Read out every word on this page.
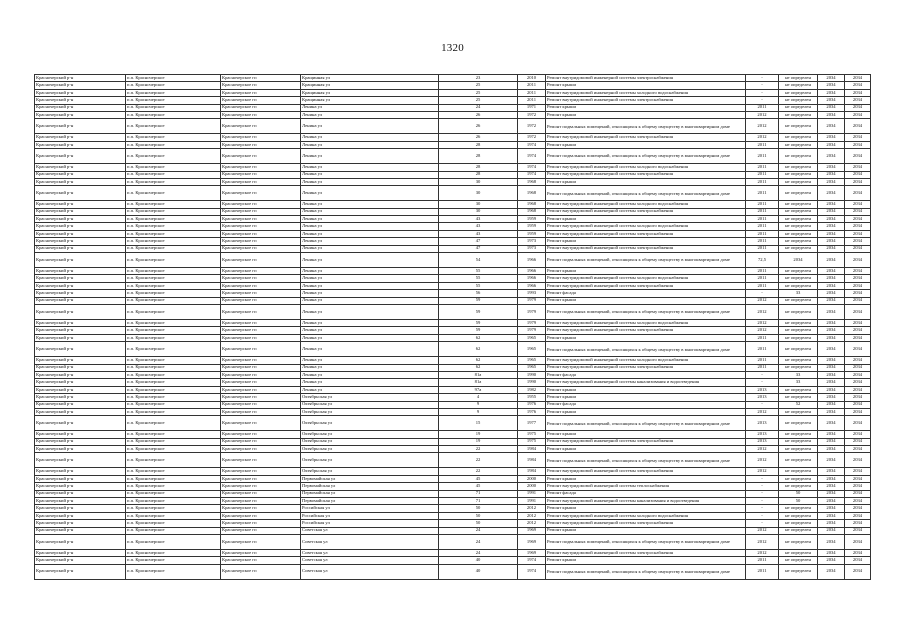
1320
Красночерский р-н	п.п. Красночерское	Красночерское гп	Кращинная ул	23	2010	Ремонт внутридомовой инженерной системы электроснабжения	-	не определен	2034	2034
Красночерский р-н	п.п. Красночерское	Красночерское гп	Кращинная ул	25	2011	Ремонт крыши	-	не определен	2034	2034
Красночерский р-н	п.п. Красночерское	Красночерское гп	Кращинная ул	25	2011	Ремонт внутридомовой инженерной системы холодного водоснабжения	-	не определен	2034	2034
Красночерский р-н	п.п. Красночерское	Красночерское гп	Кращинная ул	25	2011	Ремонт внутридомовой инженерной системы электроснабжения	-	не определен	2034	2034
Красночерский р-н	п.п. Красночерское	Красночерское гп	Ленина ул	24	1971	Ремонт крыши	2011	не определен	2034	2034
Красночерский р-н	п.п. Красночерское	Красночерское гп	Ленина ул	26	1972	Ремонт крыши	2012	не определен	2034	2034
Красночерский р-н	п.п. Красночерское	Красночерское гп	Ленина ул	26	1972	Ремонт подвальных помещений, относящихся к общему имуществу в многоквартирном доме	2012	не определен	2034	2034
Красночерский р-н	п.п. Красночерское	Красночерское гп	Ленина ул	26	1972	Ремонт внутридомовой инженерной системы электроснабжения	2012	не определен	2034	2034
Красночерский р-н	п.п. Красночерское	Красночерское гп	Ленина ул	28	1974	Ремонт крыши	2011	не определен	2034	2034
Красночерский р-н	п.п. Красночерское	Красночерское гп	Ленина ул	28	1974	Ремонт подвальных помещений, относящихся к общему имуществу в многоквартирном доме	2011	не определен	2034	2034
Красночерский р-н	п.п. Красночерское	Красночерское гп	Ленина ул	28	1974	Ремонт внутридомовой инженерной системы холодного водоснабжения	2011	не определен	2034	2034
Красночерский р-н	п.п. Красночерское	Красночерское гп	Ленина ул	28	1974	Ремонт внутридомовой инженерной системы электроснабжения	2011	не определен	2034	2034
Красночерский р-н	п.п. Красночерское	Красночерское гп	Ленина ул	30	1968	Ремонт крыши	2011	не определен	2034	2034
Красночерский р-н	п.п. Красночерское	Красночерское гп	Ленина ул	30	1968	Ремонт подвальных помещений, относящихся к общему имуществу в многоквартирном доме	2011	не определен	2034	2034
Красночерский р-н	п.п. Красночерское	Красночерское гп	Ленина ул	30	1968	Ремонт внутридомовой инженерной системы холодного водоснабжения	2011	не определен	2034	2034
Красночерский р-н	п.п. Красночерское	Красночерское гп	Ленина ул	30	1968	Ремонт внутридомовой инженерной системы электроснабжения	2011	не определен	2034	2034
Красночерский р-н	п.п. Красночерское	Красночерское гп	Ленина ул	43	1959	Ремонт крыши	2011	не определен	2034	2034
Красночерский р-н	п.п. Красночерское	Красночерское гп	Ленина ул	43	1959	Ремонт внутридомовой инженерной системы холодного водоснабжения	2011	не определен	2034	2034
Красночерский р-н	п.п. Красночерское	Красночерское гп	Ленина ул	43	1959	Ремонт внутридомовой инженерной системы электроснабжения	2011	не определен	2034	2034
Красночерский р-н	п.п. Красночерское	Красночерское гп	Ленина ул	47	1973	Ремонт крыши	2011	не определен	2034	2034
Красночерский р-н	п.п. Красночерское	Красночерское гп	Ленина ул	47	1973	Ремонт внутридомовой инженерной системы электроснабжения	2011	не определен	2034	2034
Красночерский р-н	п.п. Красночерское	Красночерское гп	Ленина ул	54	1966	Ремонт подвальных помещений, относящихся к общему имуществу в многоквартирном доме	72,5	2034	2034	2034
Красночерский р-н	п.п. Красночерское	Красночерское гп	Ленина ул	55	1966	Ремонт крыши	2011	не определен	2034	2034
Красночерский р-н	п.п. Красночерское	Красночерское гп	Ленина ул	55	1966	Ремонт внутридомовой инженерной системы холодного водоснабжения	2011	не определен	2034	2034
Красночерский р-н	п.п. Красночерское	Красночерское гп	Ленина ул	55	1966	Ремонт внутридомовой инженерной системы электроснабжения	2011	не определен	2034	2034
Красночерский р-н	п.п. Красночерское	Красночерское гп	Ленина ул	56	1993	Ремонт фасада	-	33	2034	2034
Красночерский р-н	п.п. Красночерское	Красночерское гп	Ленина ул	59	1979	Ремонт крыши	2012	не определен	2034	2034
Красночерский р-н	п.п. Красночерское	Красночерское гп	Ленина ул	59	1979	Ремонт подвальных помещений, относящихся к общему имуществу в многоквартирном доме	2012	не определен	2034	2034
Красночерский р-н	п.п. Красночерское	Красночерское гп	Ленина ул	59	1979	Ремонт внутридомовой инженерной системы холодного водоснабжения	2012	не определен	2034	2034
Красночерский р-н	п.п. Красночерское	Красночерское гп	Ленина ул	59	1979	Ремонт внутридомовой инженерной системы электроснабжения	2012	не определен	2034	2034
Красночерский р-н	п.п. Красночерское	Красночерское гп	Ленина ул	62	1965	Ремонт крыши	2011	не определен	2034	2034
Красночерский р-н	п.п. Красночерское	Красночерское гп	Ленина ул	62	1965	Ремонт подвальных помещений, относящихся к общему имуществу в многоквартирном доме	2011	не определен	2034	2034
Красночерский р-н	п.п. Красночерское	Красночерское гп	Ленина ул	62	1965	Ремонт внутридомовой инженерной системы холодного водоснабжения	2011	не определен	2034	2034
Красночерский р-н	п.п. Красночерское	Красночерское гп	Ленина ул	62	1965	Ремонт внутридомовой инженерной системы электроснабжения	2011	не определен	2034	2034
Красночерский р-н	п.п. Красночерское	Красночерское гп	Ленина ул	81а	1990	Ремонт фасада	-	33	2034	2034
Красночерский р-н	п.п. Красночерское	Красночерское гп	Ленина ул	81а	1990	Ремонт внутридомовой инженерной системы канализования и водоотведения	-	33	2034	2034
Красночерский р-н	п.п. Красночерское	Красночерское гп	Ленина ул	97а	1982	Ремонт крыши	2013	не определен	2034	2034
Красночерский р-н	п.п. Красночерское	Красночерское гп	Октябрьская ул	4	1955	Ремонт крыши	2013	не определен	2034	2034
Красночерский р-н	п.п. Красночерское	Красночерское гп	Октябрьская ул	9	1976	Ремонт фасада	-	52	2034	2034
Красночерский р-н	п.п. Красночерское	Красночерское гп	Октябрьская ул	9	1976	Ремонт крыши	2012	не определен	2034	2034
Красночерский р-н	п.п. Красночерское	Красночерское гп	Октябрьская ул	15	1977	Ремонт подвальных помещений, относящихся к общему имуществу в многоквартирном доме	2013	не определен	2034	2034
Красночерский р-н	п.п. Красночерское	Красночерское гп	Октябрьская ул	19	1975	Ремонт крыши	2013	не определен	2034	2034
Красночерский р-н	п.п. Красночерское	Красночерское гп	Октябрьская ул	19	1975	Ремонт внутридомовой инженерной системы электроснабжения	2013	не определен	2034	2034
Красночерский р-н	п.п. Красночерское	Красночерское гп	Октябрьская ул	22	1984	Ремонт крыши	2012	не определен	2034	2034
Красночерский р-н	п.п. Красночерское	Красночерское гп	Октябрьская ул	22	1984	Ремонт подвальных помещений, относящихся к общему имуществу в многоквартирном доме	2012	не определен	2034	2034
Красночерский р-н	п.п. Красночерское	Красночерское гп	Октябрьская ул	22	1984	Ремонт внутридомовой инженерной системы электроснабжения	2012	не определен	2034	2034
Красночерский р-н	п.п. Красночерское	Красночерское гп	Первомайская ул	45	2000	Ремонт крыши	-	не определен	2034	2034
Красночерский р-н	п.п. Красночерское	Красночерское гп	Первомайская ул	45	2000	Ремонт внутридомовой инженерной системы теплоснабжения	-	не определен	2034	2034
Красночерский р-н	п.п. Красночерское	Красночерское гп	Первомайская ул	71	1991	Ремонт фасада	-	50	2034	2034
Красночерский р-н	п.п. Красночерское	Красночерское гп	Первомайская ул	71	1991	Ремонт внутридомовой инженерной системы канализования и водоотведения	-	50	2034	2034
Красночерский р-н	п.п. Красночерское	Красночерское гп	Российская ул	50	2012	Ремонт крыши	-	не определен	2034	2034
Красночерский р-н	п.п. Красночерское	Красночерское гп	Российская ул	50	2012	Ремонт внутридомовой инженерной системы холодного водоснабжения	-	не определен	2034	2034
Красночерский р-н	п.п. Красночерское	Красночерское гп	Российская ул	50	2012	Ремонт внутридомовой инженерной системы электроснабжения	-	не определен	2034	2034
Красночерский р-н	п.п. Красночерское	Красночерское гп	Советская ул	24	1969	Ремонт крыши	2012	не определен	2034	2034
Красночерский р-н	п.п. Красночерское	Красночерское гп	Советская ул	24	1969	Ремонт подвальных помещений, относящихся к общему имуществу в многоквартирном доме	2012	не определен	2034	2034
Красночерский р-н	п.п. Красночерское	Красночерское гп	Советская ул	24	1969	Ремонт внутридомовой инженерной системы электроснабжения	2012	не определен	2034	2034
Красночерский р-н	п.п. Красночерское	Красночерское гп	Советская ул	40	1974	Ремонт крыши	2011	не определен	2034	2034
Красночерский р-н	п.п. Красночерское	Красночерское гп	Советская ул	40	1974	Ремонт подвальных помещений, относящихся к общему имуществу в многоквартирном доме	2011	не определен	2034	2034
